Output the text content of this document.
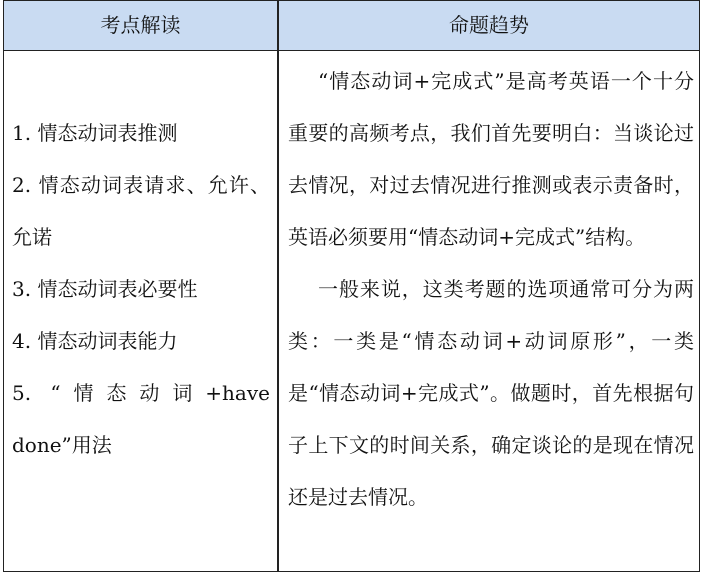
考点解读	命题趋势

1. 情态动词表推测

2. 情态动词表请求、允许、允诺

3. 情态动词表必要性

4. 情态动词表能力

5. “情态动词+have done”用法

“情态动词+完成式”是高考英语一个十分重要的高频考点，我们首先要明白：当谈论过去情况，对过去情况进行推测或表示责备时，英语必须要用“情态动词+完成式”结构。

一般来说，这类考题的选项通常可分为两类：一类是“情态动词+动词原形”，一类是“情态动词+完成式”。做题时，首先根据句子上下文的时间关系，确定谈论的是现在情况还是过去情况。
